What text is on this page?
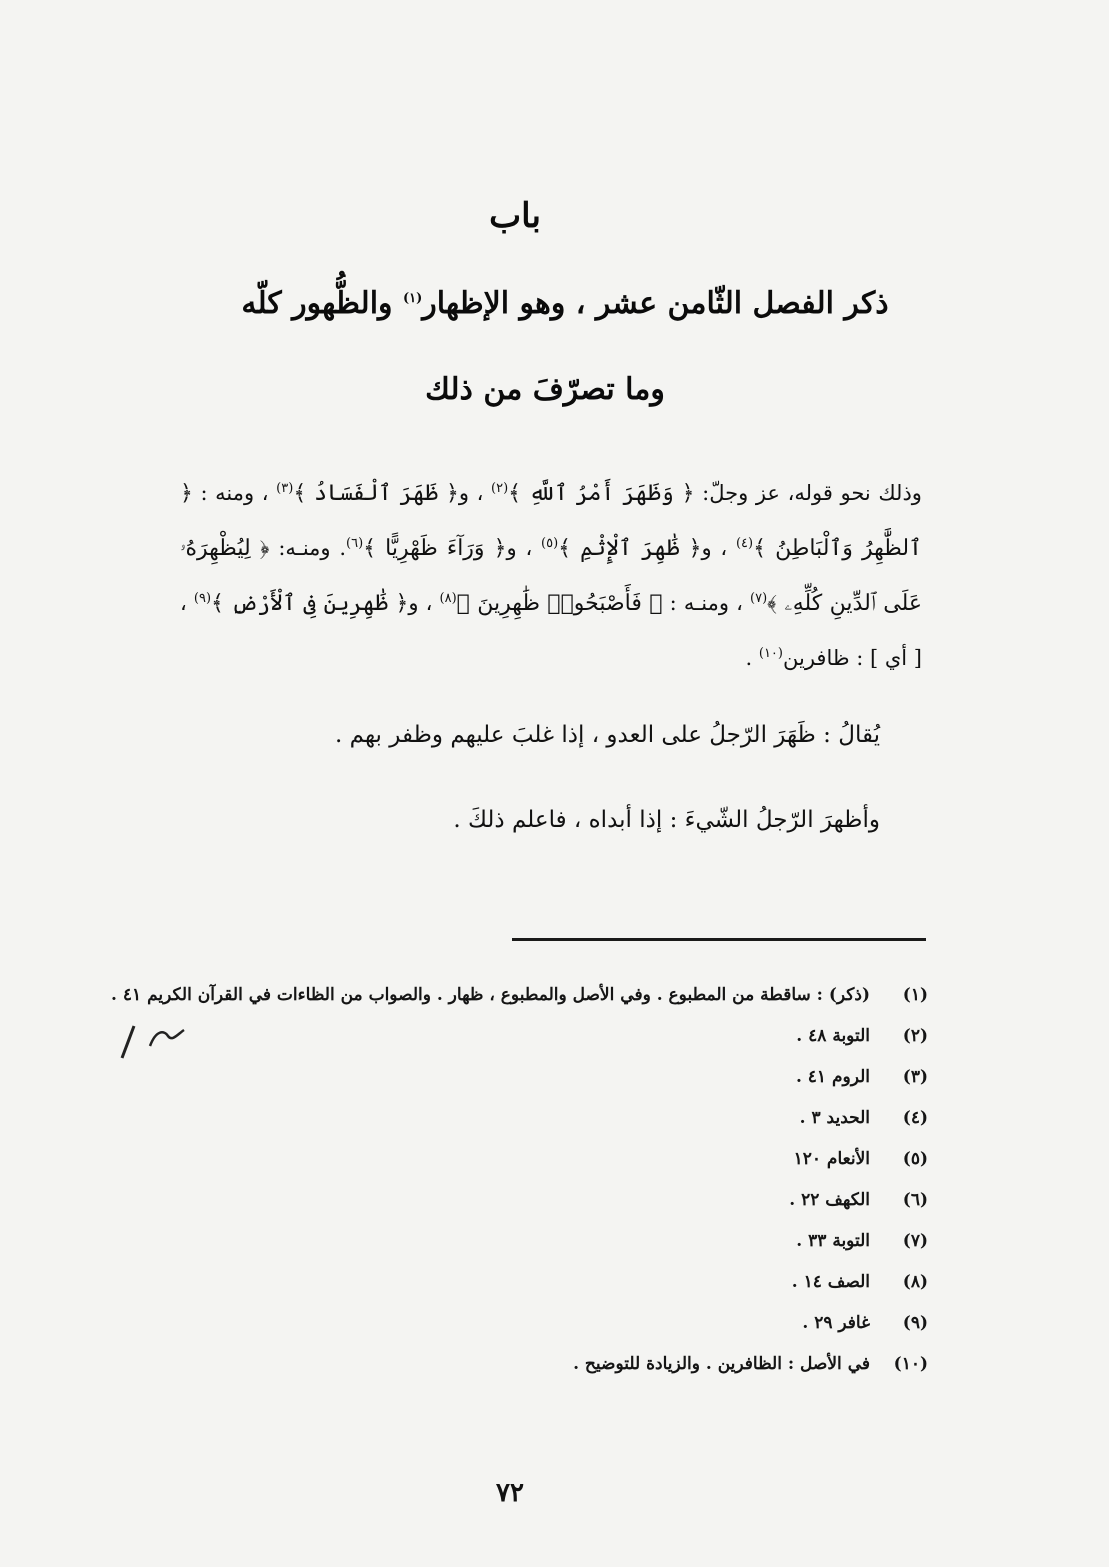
باب
ذكر الفصل الثّامن عشر ، وهو الإظهار$^{(١)}$ والظُّهور كلّه
وما تصرّفَ من ذلك

وذلك نحو قوله، عز وجلّ: ﴿ وَظَهَرَ أَمْرُ ٱللَّهِ ﴾$^{(٢)}$ ، و﴿ ظَهَرَ ٱلْفَسَادُ ﴾$^{(٣)}$ ، ومنه : ﴿ ٱلظَّٰهِرُ وَٱلْبَاطِنُ ﴾$^{(٤)}$ ، و﴿ ظَٰهِرَ ٱلْإِثْمِ ﴾$^{(٥)}$ ، و﴿ وَرَآءَ ظَهْرِيًّا ﴾$^{(٦)}$. ومنـه: ﴿ لِيُظْهِرَهُۥ عَلَى ٱلدِّينِ كُلِّهِۦ ﴾$^{(٧)}$ ، ومنـه : ﴿ فَأَصْبَحُوا۟ ظَٰهِرِينَ ﴾$^{(٨)}$ ، و﴿ ظَٰهِرِينَ فِى ٱلْأَرْضِ ﴾$^{(٩)}$ ، [ أي ] : ظافرين$^{(١٠)}$ .

يُقالُ : ظَهَرَ الرّجلُ على العدو ، إذا غلبَ عليهم وظفر بهم .
وأظهرَ الرّجلُ الشّيءَ : إذا أبداه ، فاعلم ذلكَ .
(١)
(ذكر) : ساقطة من المطبوع . وفي الأصل والمطبوع ، ظهار . والصواب من الظاءات في القرآن الكريم ٤١ .
(٢)
التوبة ٤٨ .
(٣)
الروم ٤١ .
(٤)
الحديد ٣ .
(٥)
الأنعام ١٢٠
(٦)
الكهف ٢٢ .
(٧)
التوبة ٣٣ .
(٨)
الصف ١٤ .
(٩)
غافر ٢٩ .
(١٠)
في الأصل : الظافرين . والزيادة للتوضيح .
٧٢
